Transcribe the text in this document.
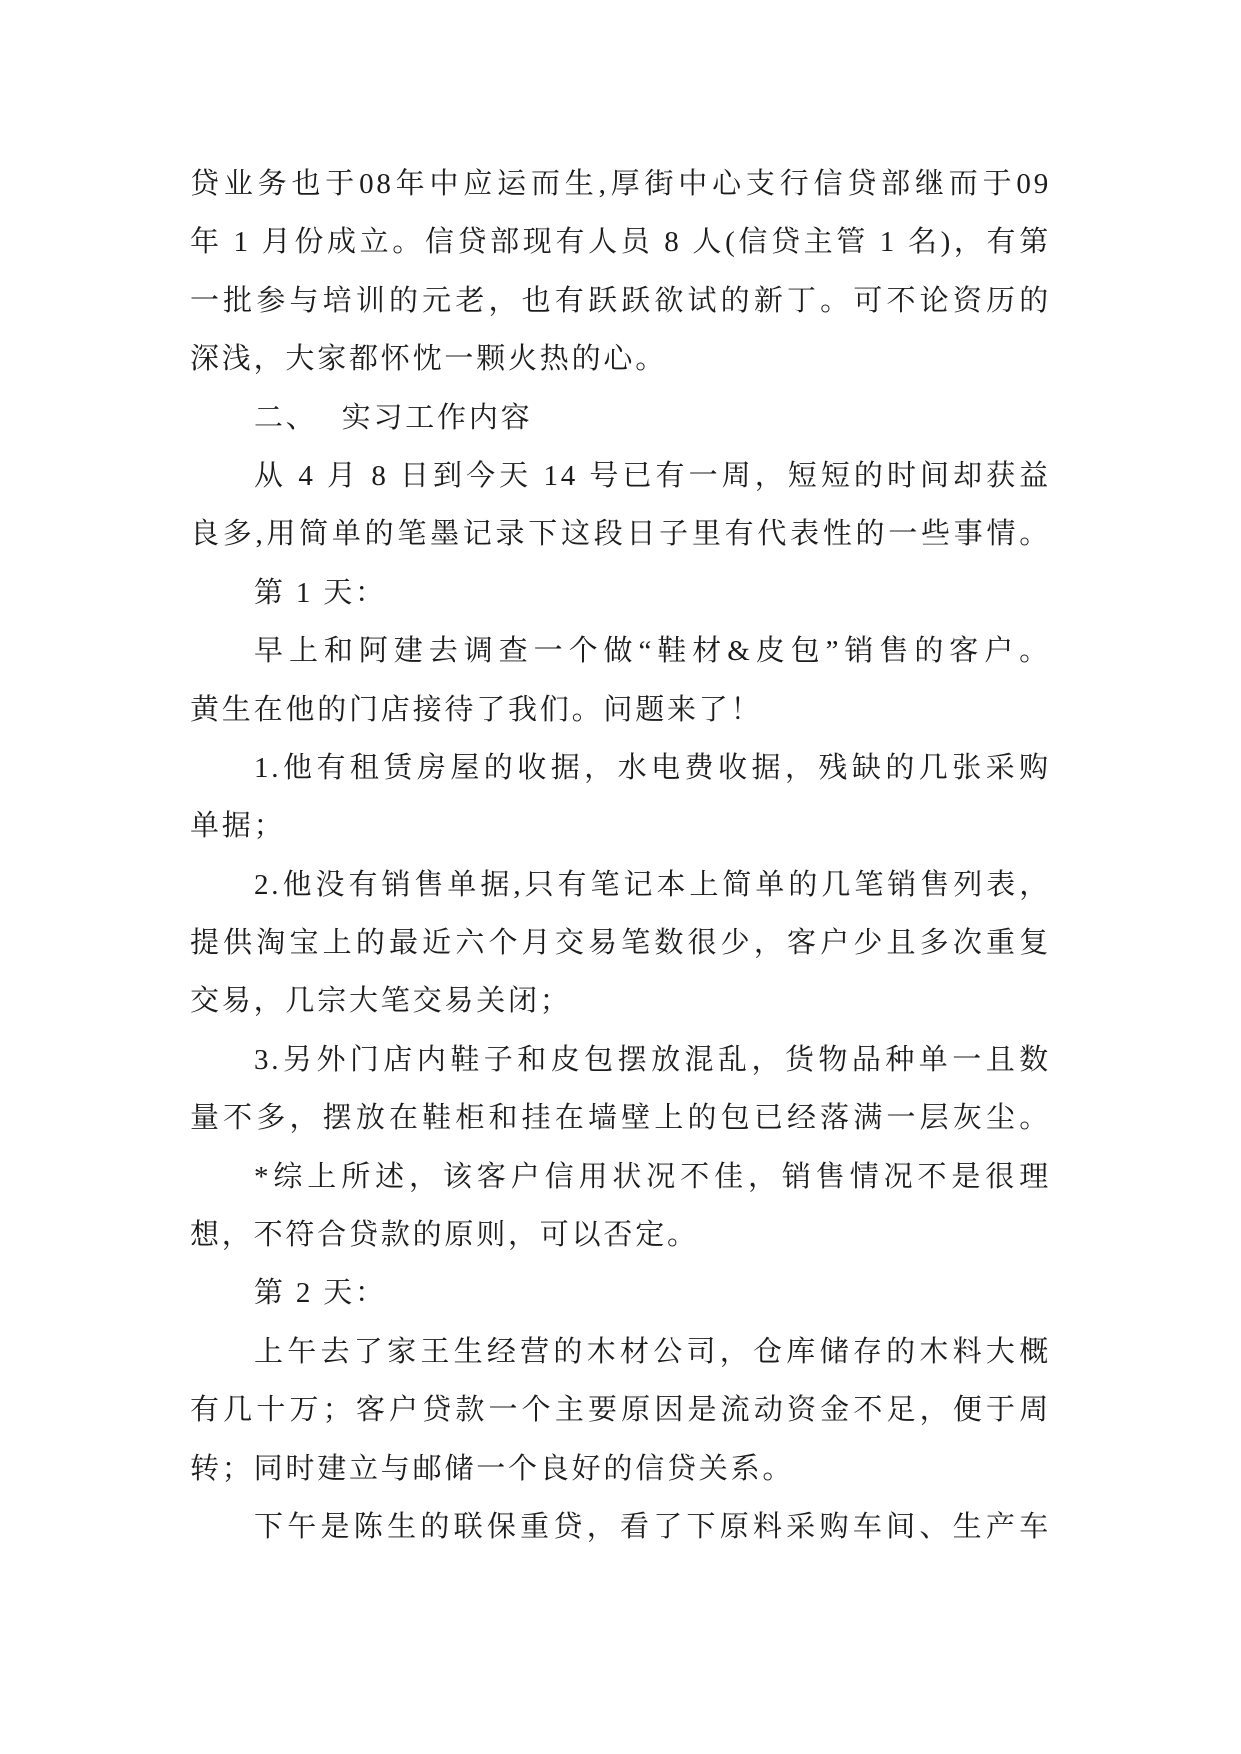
贷业务也于08年中应运而生,厚街中心支行信贷部继而于09
年 1 月份成立。信贷部现有人员 8 人(信贷主管 1 名)，有第
一批参与培训的元老，也有跃跃欲试的新丁。可不论资历的
深浅，大家都怀忱一颗火热的心。
二、 实习工作内容
从 4 月 8 日到今天 14 号已有一周，短短的时间却获益
良多,用简单的笔墨记录下这段日子里有代表性的一些事情。
第 1 天：
早上和阿建去调查一个做“鞋材&皮包”销售的客户。
黄生在他的门店接待了我们。问题来了！
1.他有租赁房屋的收据，水电费收据，残缺的几张采购
单据；
2.他没有销售单据,只有笔记本上简单的几笔销售列表，
提供淘宝上的最近六个月交易笔数很少，客户少且多次重复
交易，几宗大笔交易关闭；
3.另外门店内鞋子和皮包摆放混乱，货物品种单一且数
量不多，摆放在鞋柜和挂在墙壁上的包已经落满一层灰尘。
*综上所述，该客户信用状况不佳，销售情况不是很理
想，不符合贷款的原则，可以否定。
第 2 天：
上午去了家王生经营的木材公司，仓库储存的木料大概
有几十万；客户贷款一个主要原因是流动资金不足，便于周
转；同时建立与邮储一个良好的信贷关系。
下午是陈生的联保重贷，看了下原料采购车间、生产车
